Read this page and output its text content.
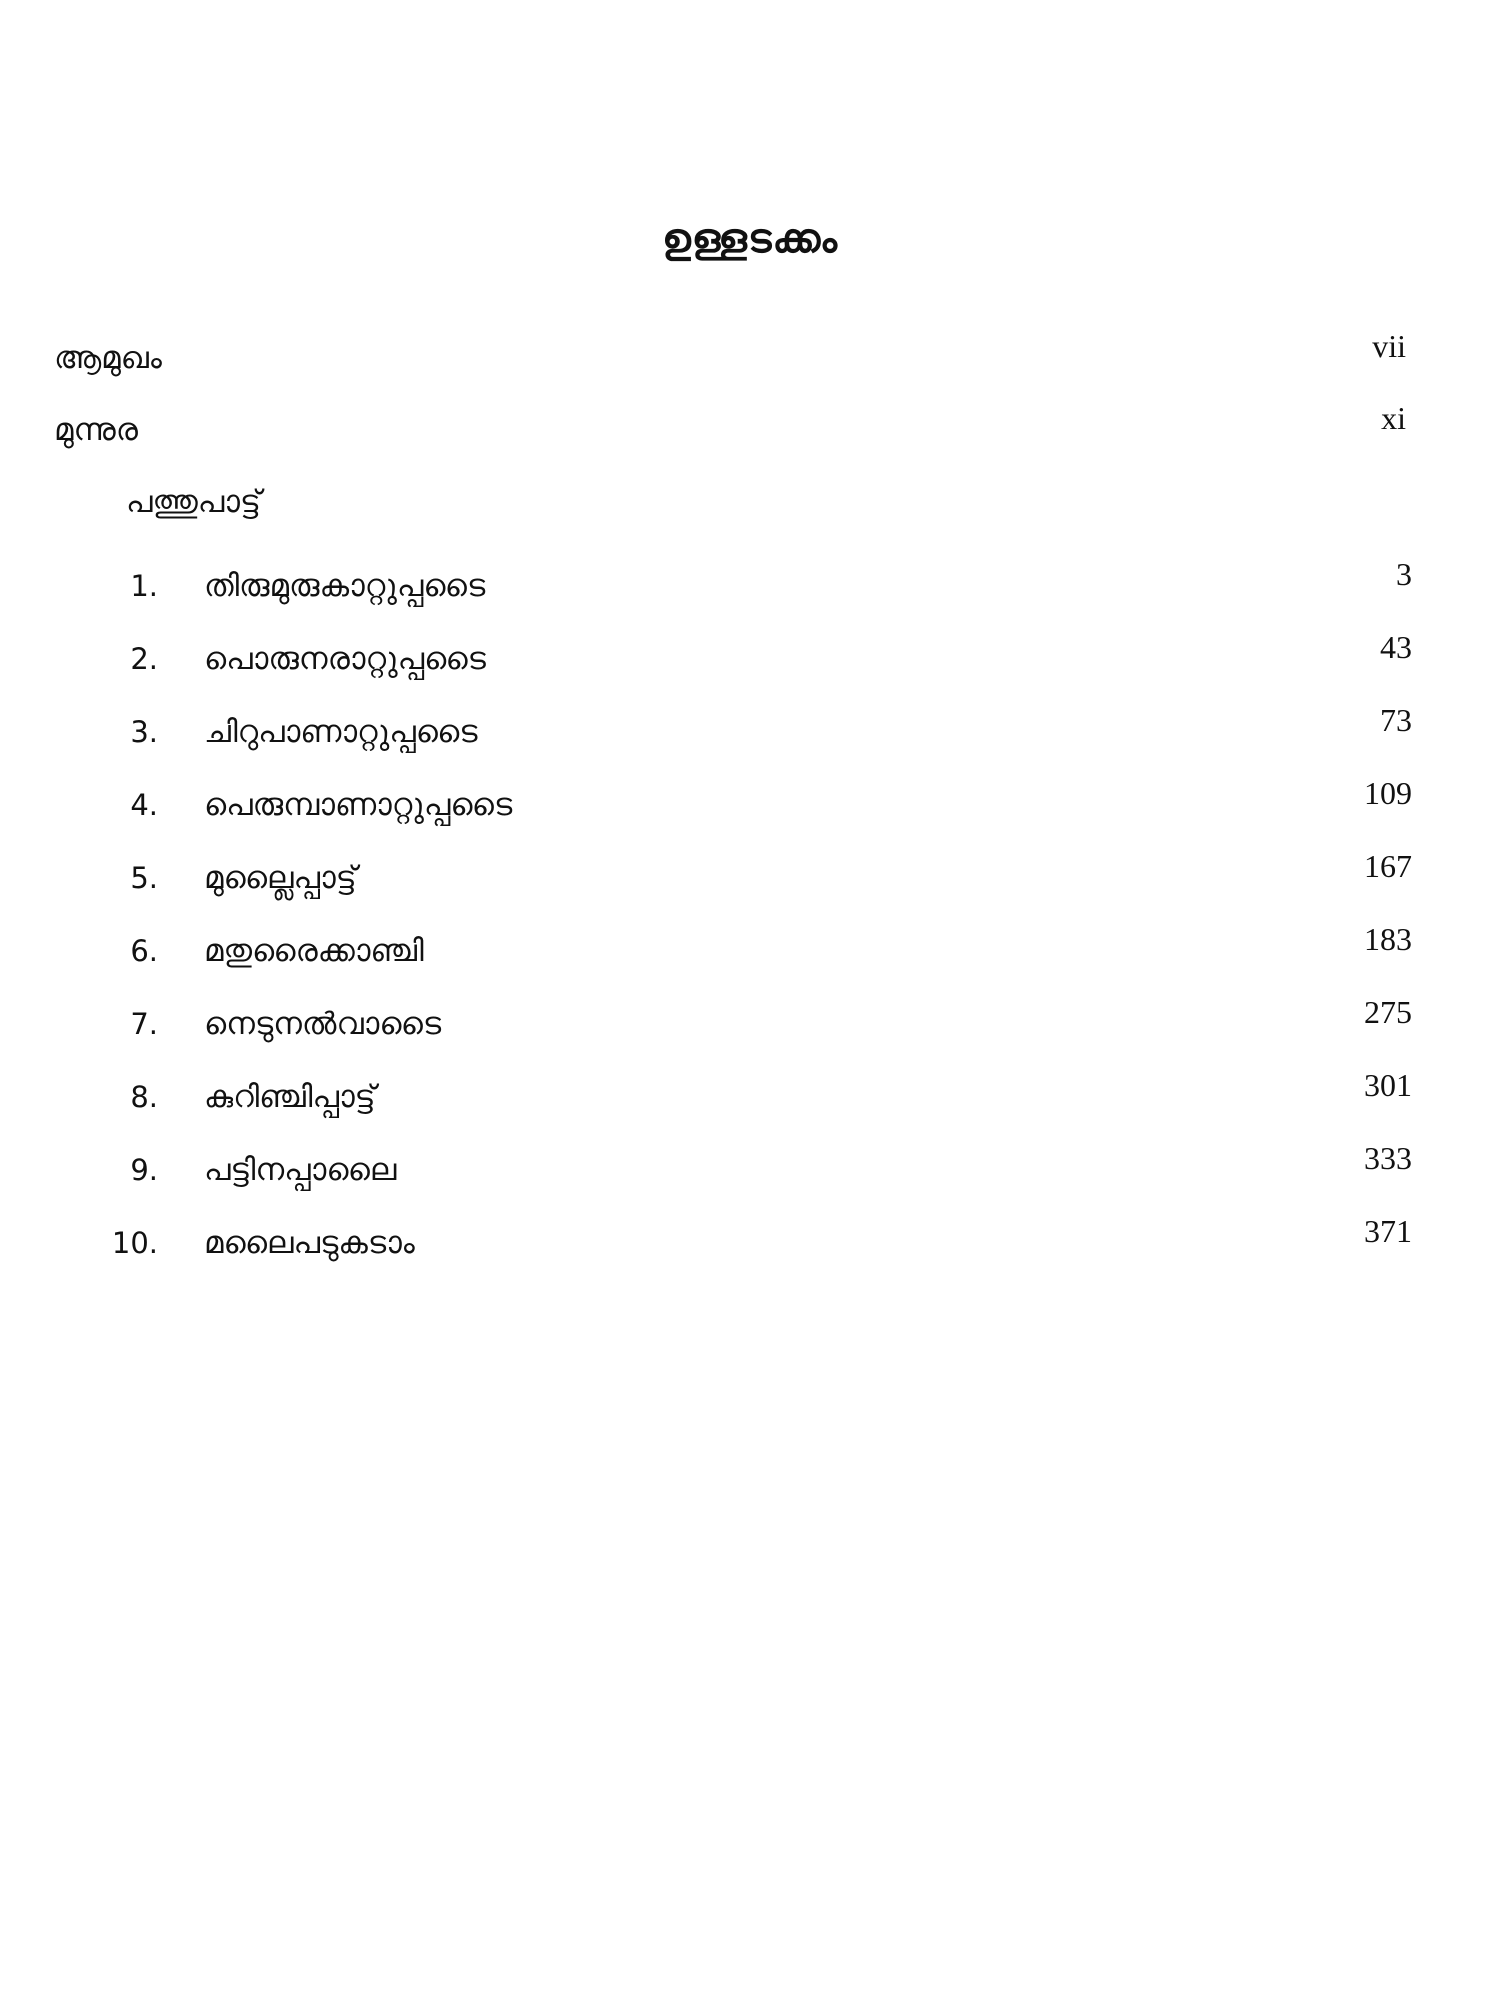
ഉള്ളടക്കം
ആമുഖം	vii
മുന്നുര	xi
പത്തുപാട്ട്
1. തിരുമുരുകാറ്റുപ്പടൈ	3
2. പൊരുനരാറ്റുപ്പടൈ	43
3. ചിറുപാണാറ്റുപ്പടൈ	73
4. പെരുമ്പാണാറ്റുപ്പടൈ	109
5. മുല്ലൈപ്പാട്ട്	167
6. മതുരൈക്കാഞ്ചി	183
7. നെടുനൽവാടൈ	275
8. കുറിഞ്ചിപ്പാട്ട്	301
9. പട്ടിനപ്പാലൈ	333
10. മലൈപടുകടാം	371
